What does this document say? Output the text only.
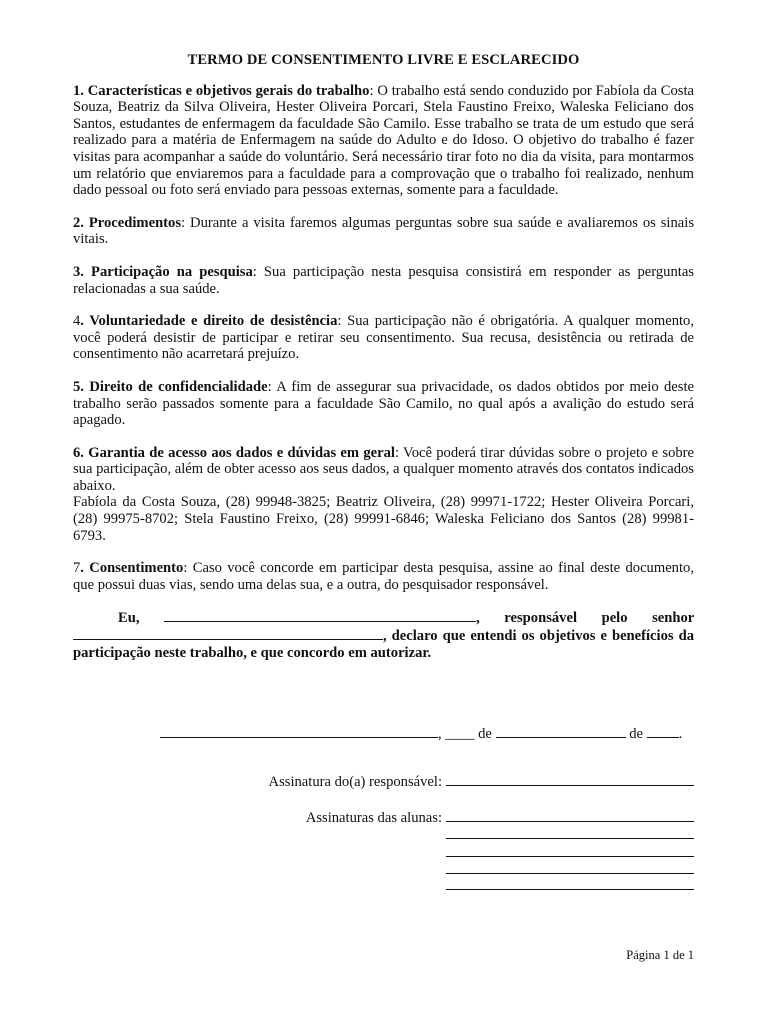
TERMO DE CONSENTIMENTO LIVRE E ESCLARECIDO

1. Características e objetivos gerais do trabalho: O trabalho está sendo conduzido por Fabíola da Costa Souza, Beatriz da Silva Oliveira, Hester Oliveira Porcari, Stela Faustino Freixo, Waleska Feliciano dos Santos, estudantes de enfermagem da faculdade São Camilo. Esse trabalho se trata de um estudo que será realizado para a matéria de Enfermagem na saúde do Adulto e do Idoso. O objetivo do trabalho é fazer visitas para acompanhar a saúde do voluntário. Será necessário tirar foto no dia da visita, para montarmos um relatório que enviaremos para a faculdade para a comprovação que o trabalho foi realizado, nenhum dado pessoal ou foto será enviado para pessoas externas, somente para a faculdade.

2. Procedimentos: Durante a visita faremos algumas perguntas sobre sua saúde e avaliaremos os sinais vitais.

3. Participação na pesquisa: Sua participação nesta pesquisa consistirá em responder as perguntas relacionadas a sua saúde.

4. Voluntariedade e direito de desistência: Sua participação não é obrigatória. A qualquer momento, você poderá desistir de participar e retirar seu consentimento. Sua recusa, desistência ou retirada de consentimento não acarretará prejuízo.

5. Direito de confidencialidade: A fim de assegurar sua privacidade, os dados obtidos por meio deste trabalho serão passados somente para a faculdade São Camilo, no qual após a avalição do estudo será apagado.

6. Garantia de acesso aos dados e dúvidas em geral: Você poderá tirar dúvidas sobre o projeto e sobre sua participação, além de obter acesso aos seus dados, a qualquer momento através dos contatos indicados abaixo.

Fabíola da Costa Souza, (28) 99948-3825; Beatriz Oliveira, (28) 99971-1722; Hester Oliveira Porcari, (28) 99975-8702; Stela Faustino Freixo, (28) 99991-6846; Waleska Feliciano dos Santos (28) 99981-6793.

7. Consentimento: Caso você concorde em participar desta pesquisa, assine ao final deste documento, que possui duas vias, sendo uma delas sua, e a outra, do pesquisador responsável.

Eu,	, responsável pelo senhor , declaro que entendi os objetivos e benefícios da participação neste trabalho, e que concordo em autorizar.

, ____ de	de .
Assinatura do(a) responsável:
Assinaturas das alunas:
Página 1 de 1
